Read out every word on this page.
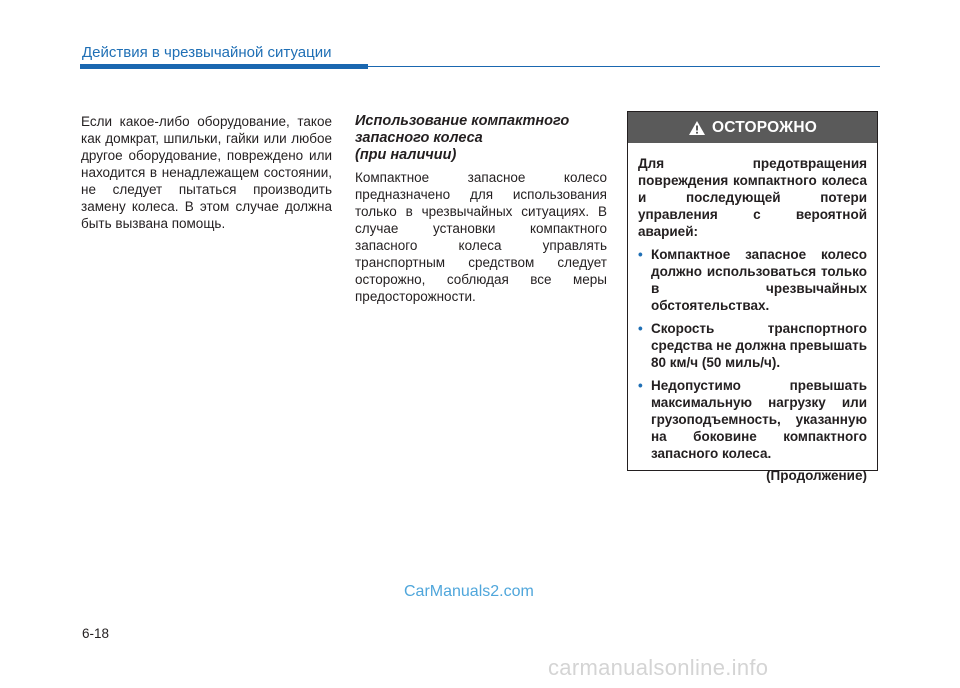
Действия в чрезвычайной ситуации
Если какое-либо оборудование, такое как домкрат, шпильки, гайки или любое другое оборудование, повреждено или находится в ненадлежащем состоянии, не следует пытаться производить замену колеса. В этом случае должна быть вызвана помощь.
Использование компактного
запасного колеса
(при наличии)
Компактное запасное колесо предназначено для использования только в чрезвычайных ситуациях. В случае установки компактного запасного колеса управлять транспортным средством следует осторожно, соблюдая все меры предосторожности.
ОСТОРОЖНО
Для предотвращения повреждения компактного колеса и последующей потери управления с вероятной аварией:
• Компактное запасное колесо должно использоваться только в чрезвычайных обстоятельствах.
• Скорость транспортного средства не должна превышать 80 км/ч (50 миль/ч).
• Недопустимо превышать максимальную нагрузку или грузоподъемность, указанную на боковине компактного запасного колеса.
(Продолжение)
CarManuals2.com
6-18
carmanualsonline.info
